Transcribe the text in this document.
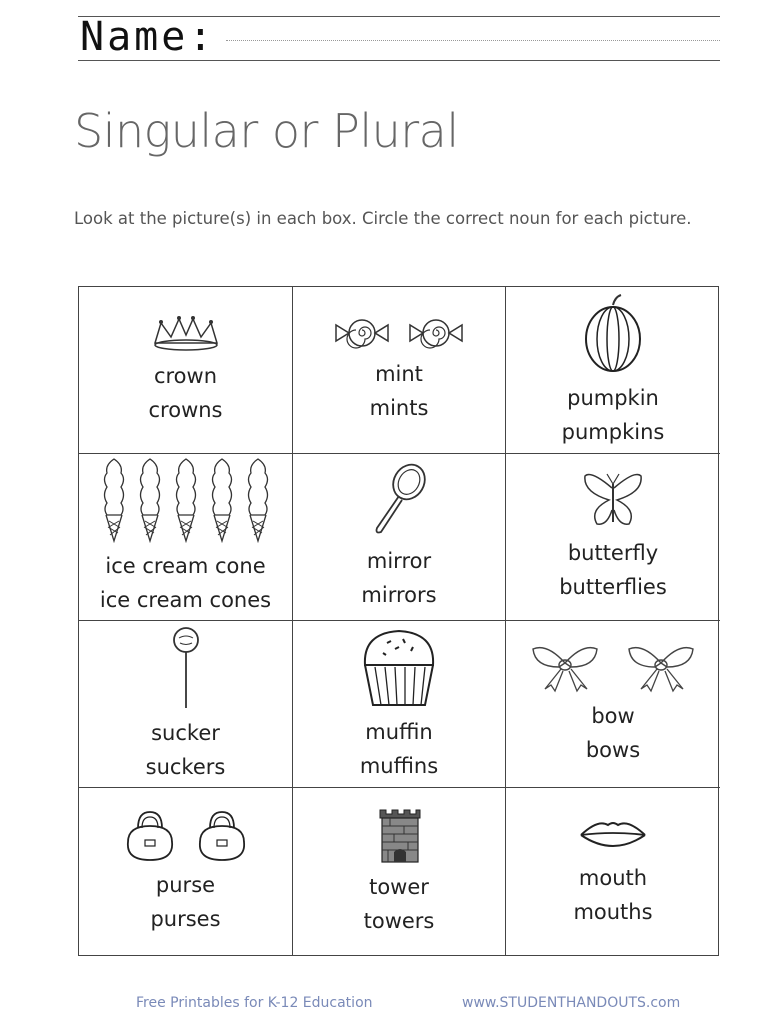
Name:
Singular or Plural
Look at the picture(s) in each box. Circle the correct noun for each picture.
crown
crowns
mint
mints	pumpkin
pumpkins
ice cream cone
ice cream cones
mirror
mirrors
butterfly
butterflies
sucker
suckers
muffin
muffins
bow
bows
purse
purses
tower
towers
mouth
mouths
Free Printables for K-12 Education	www.STUDENTHANDOUTS.com
